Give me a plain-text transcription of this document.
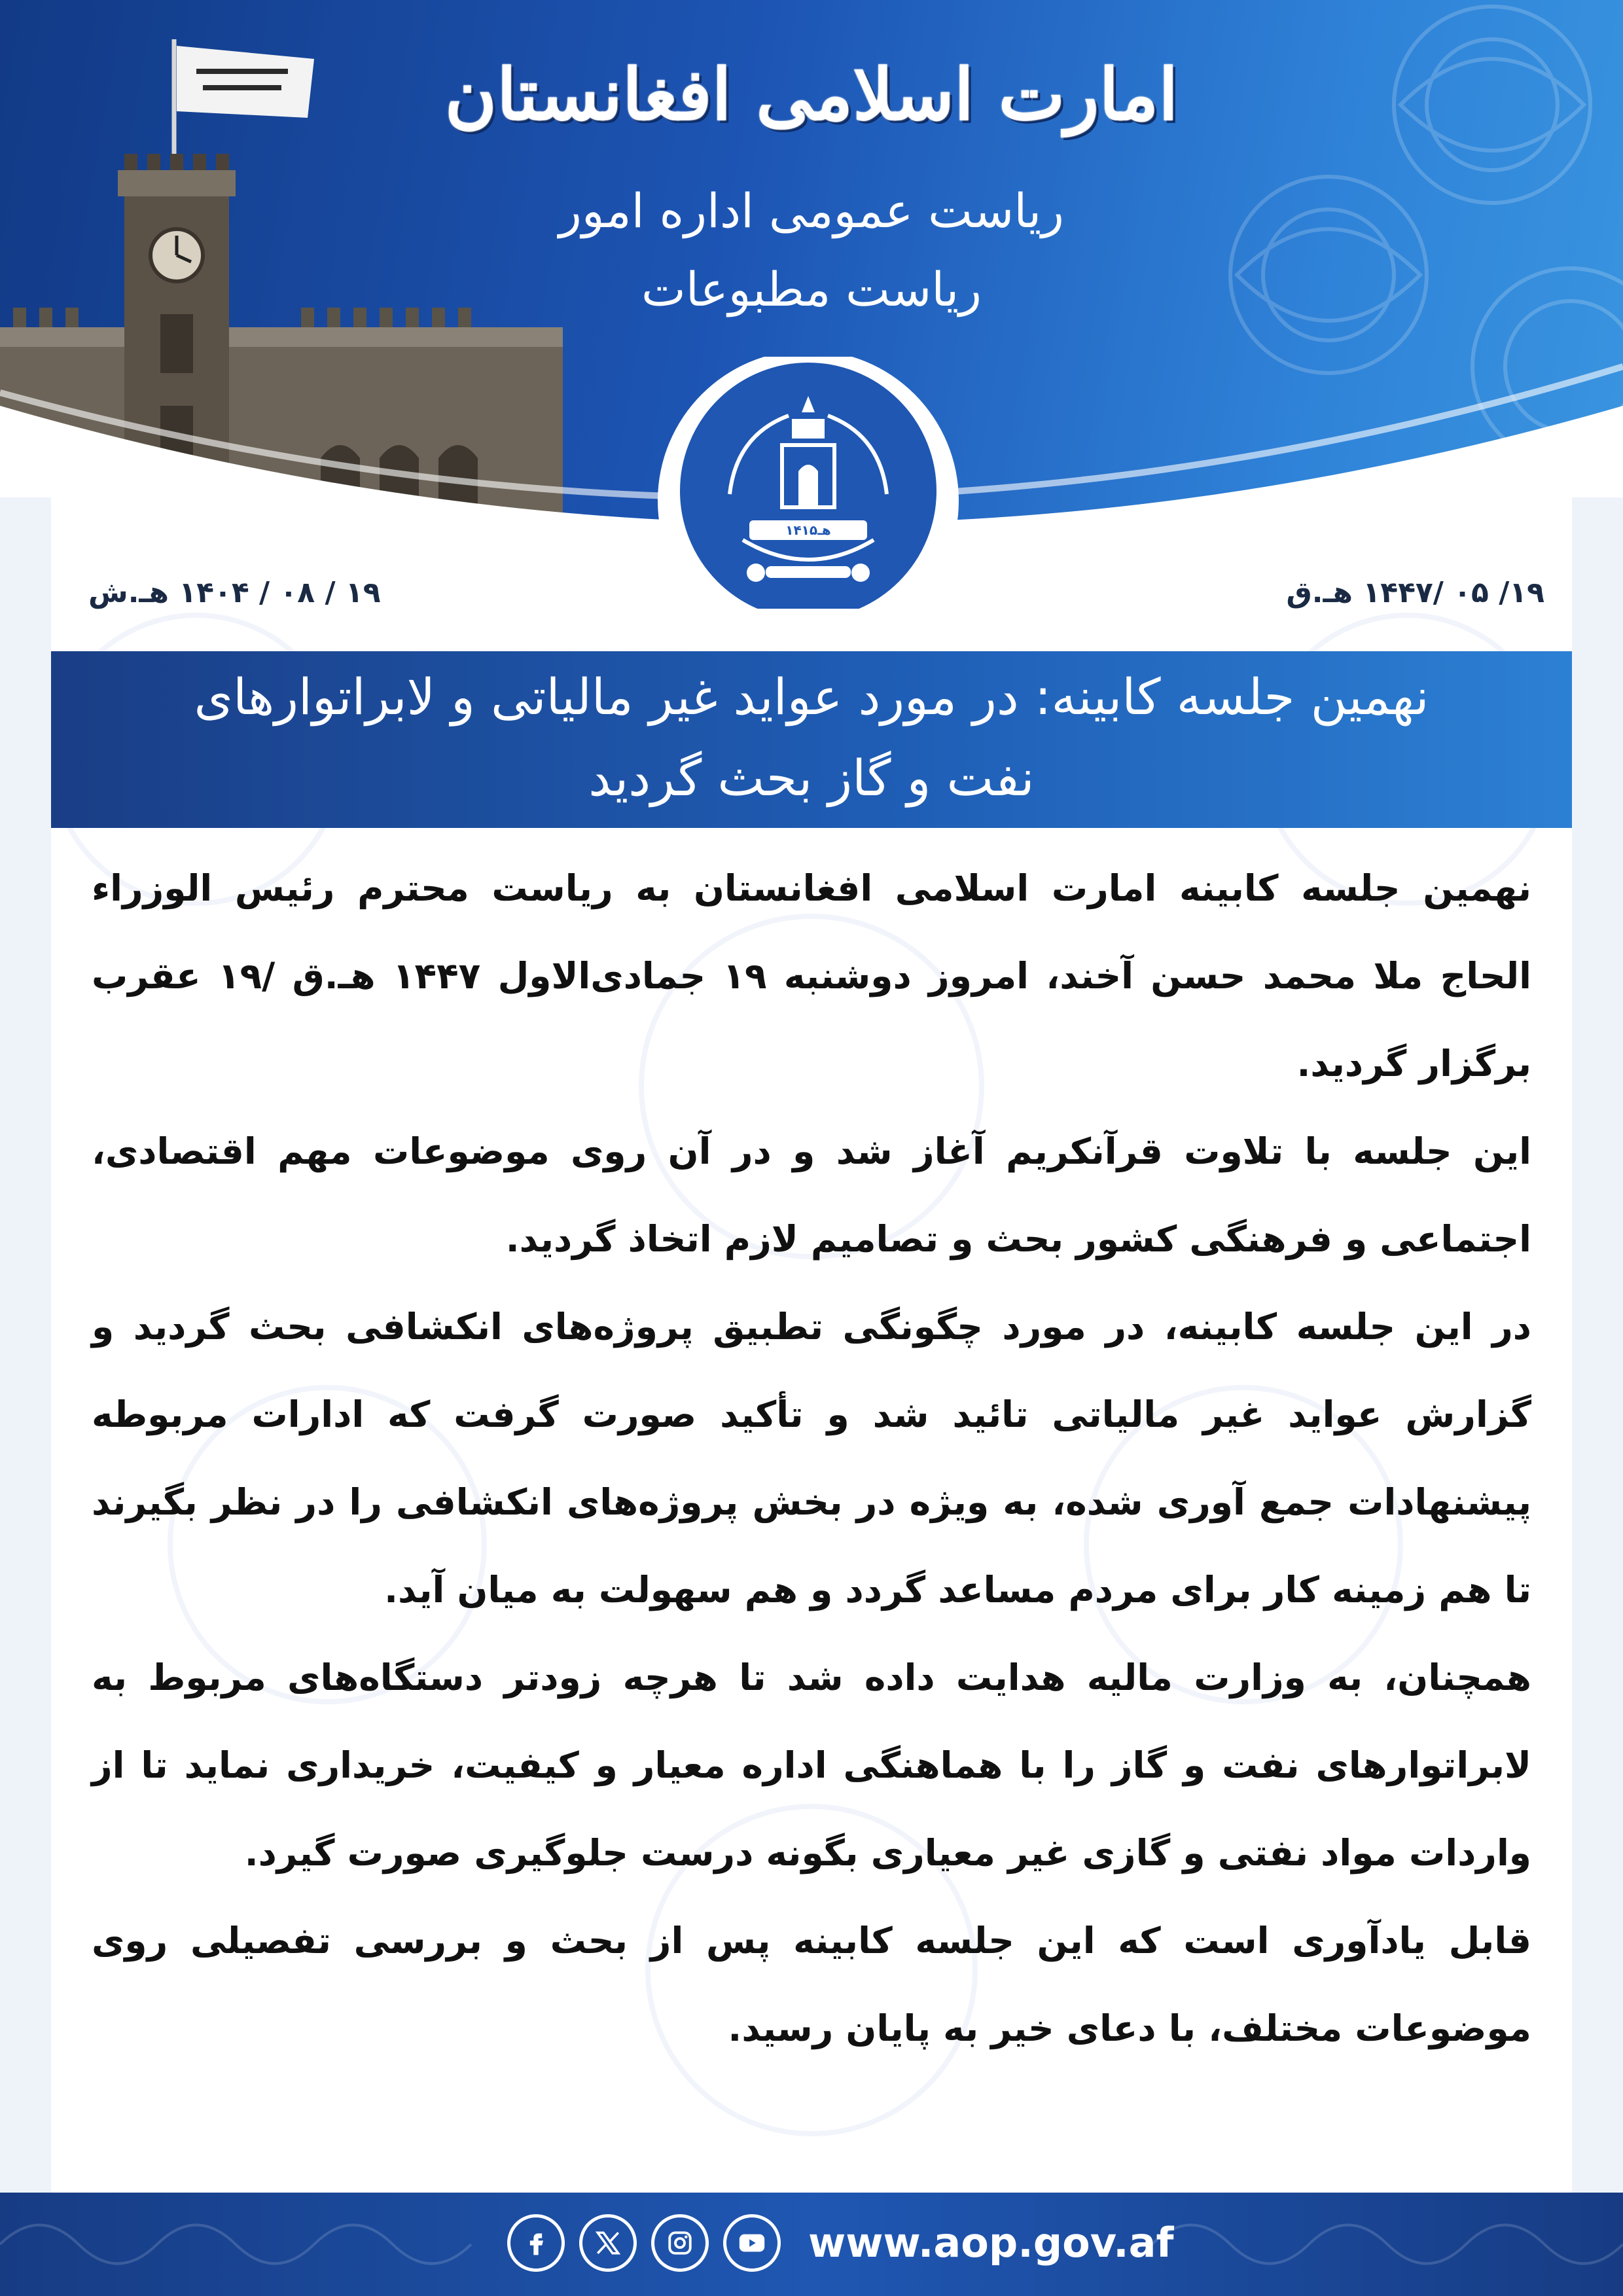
امارت اسلامی افغانستان
ریاست عمومی اداره امور
ریاست مطبوعات
۱۴۱۵هـ
۱۹ / ۰۸ / ۱۴۰۴ هـ.ش	۱۹/ ۰۵ /۱۴۴۷ هـ.ق
نهمین جلسه کابینه: در مورد عواید غیر مالیاتی و لابراتوارهای
نفت و گاز بحث گردید

نهمین جلسه کابینه امارت اسلامی افغانستان به ریاست محترم رئیس الوزراء الحاج ملا محمد حسن آخند، امروز دوشنبه ۱۹ جمادی‌الاول ۱۴۴۷ هـ.ق /۱۹ عقرب برگزار گردید.

این جلسه با تلاوت قرآنکریم آغاز شد و در آن روی موضوعات مهم اقتصادی، اجتماعی و فرهنگی کشور بحث و تصامیم لازم اتخاذ گردید.

در این جلسه کابینه، در مورد چگونگی تطبیق پروژه‌های انکشافی بحث گردید و گزارش عواید غیر مالیاتی تائید شد و تأکید صورت گرفت که ادارات مربوطه پیشنهادات جمع آوری شده، به ویژه در بخش پروژه‌های انکشافی را در نظر بگیرند تا هم زمینه کار برای مردم مساعد گردد و هم سهولت به میان آید.

همچنان، به وزارت مالیه هدایت داده شد تا هرچه زودتر دستگاه‌های مربوط به لابراتوارهای نفت و گاز را با هماهنگی اداره معیار و کیفیت، خریداری نماید تا از واردات مواد نفتی و گازی غیر معیاری بگونه درست جلوگیری صورت گیرد.

قابل یادآوری است که این جلسه کابینه پس از بحث و بررسی تفصیلی روی موضوعات مختلف، با دعای خیر به پایان رسید.

www.aop.gov.af
